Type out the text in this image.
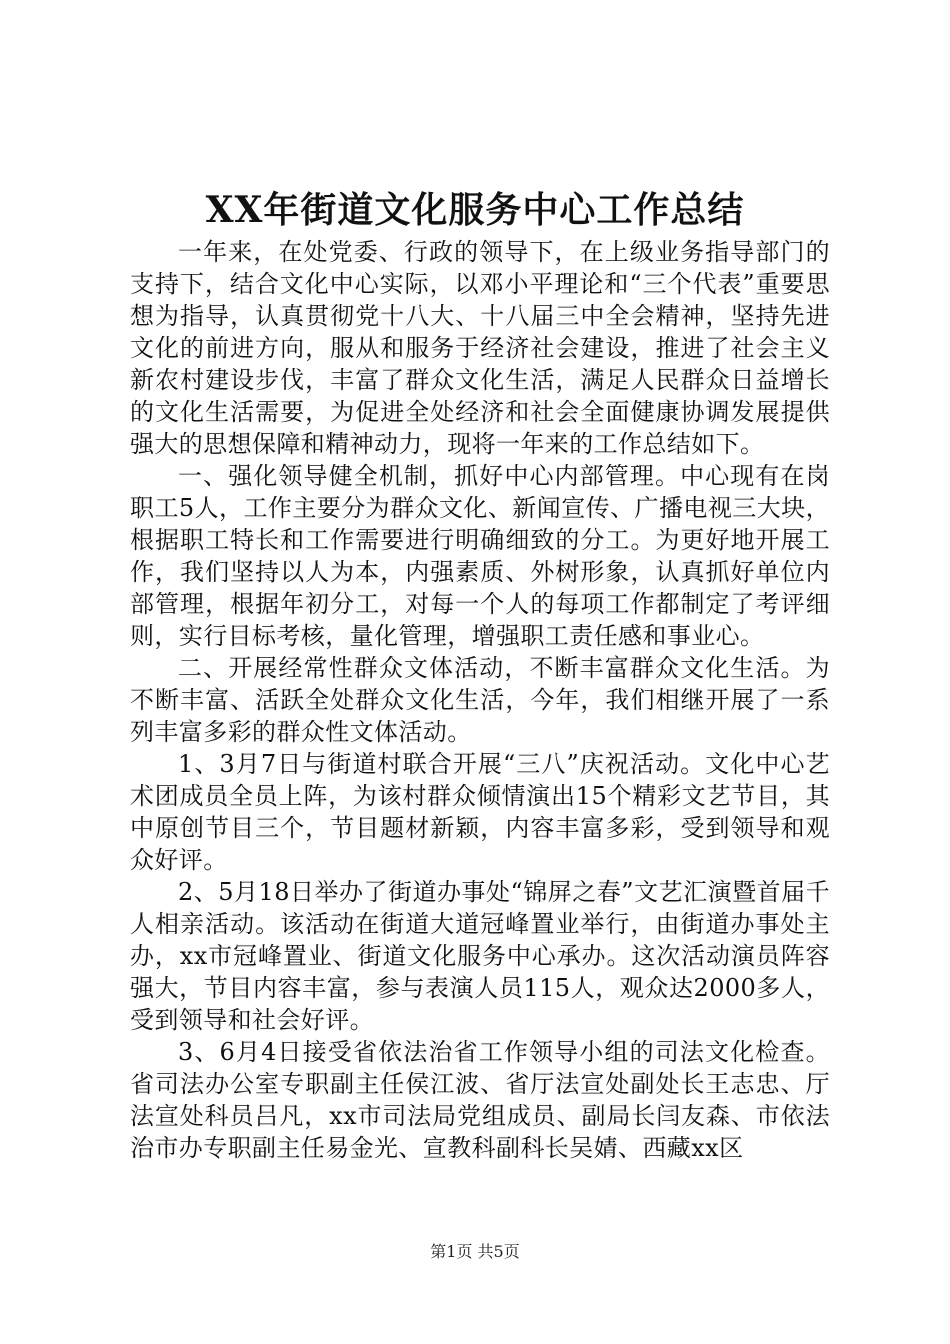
XX年街道文化服务中心工作总结

一年来，在处党委、行政的领导下，在上级业务指导部门的支持下，结合文化中心实际，以邓小平理论和“三个代表”重要思想为指导，认真贯彻党十八大、十八届三中全会精神，坚持先进文化的前进方向，服从和服务于经济社会建设，推进了社会主义新农村建设步伐，丰富了群众文化生活，满足人民群众日益增长的文化生活需要，为促进全处经济和社会全面健康协调发展提供强大的思想保障和精神动力，现将一年来的工作总结如下。

一、强化领导健全机制，抓好中心内部管理。中心现有在岗职工5人，工作主要分为群众文化、新闻宣传、广播电视三大块，根据职工特长和工作需要进行明确细致的分工。为更好地开展工作，我们坚持以人为本，内强素质、外树形象，认真抓好单位内部管理，根据年初分工，对每一个人的每项工作都制定了考评细则，实行目标考核，量化管理，增强职工责任感和事业心。

二、开展经常性群众文体活动，不断丰富群众文化生活。为不断丰富、活跃全处群众文化生活，今年，我们相继开展了一系列丰富多彩的群众性文体活动。

1、3月7日与街道村联合开展“三八”庆祝活动。文化中心艺术团成员全员上阵，为该村群众倾情演出15个精彩文艺节目，其中原创节目三个，节目题材新颖，内容丰富多彩，受到领导和观众好评。

2、5月18日举办了街道办事处“锦屏之春”文艺汇演暨首届千人相亲活动。该活动在街道大道冠峰置业举行，由街道办事处主办，xx市冠峰置业、街道文化服务中心承办。这次活动演员阵容强大，节目内容丰富，参与表演人员115人，观众达2000多人，受到领导和社会好评。

3、6月4日接受省依法治省工作领导小组的司法文化检查。省司法办公室专职副主任侯江波、省厅法宣处副处长王志忠、厅法宣处科员吕凡，xx市司法局党组成员、副局长闫友森、市依法治市办专职副主任易金光、宣教科副科长吴婧、西藏xx区

第1页 共5页
